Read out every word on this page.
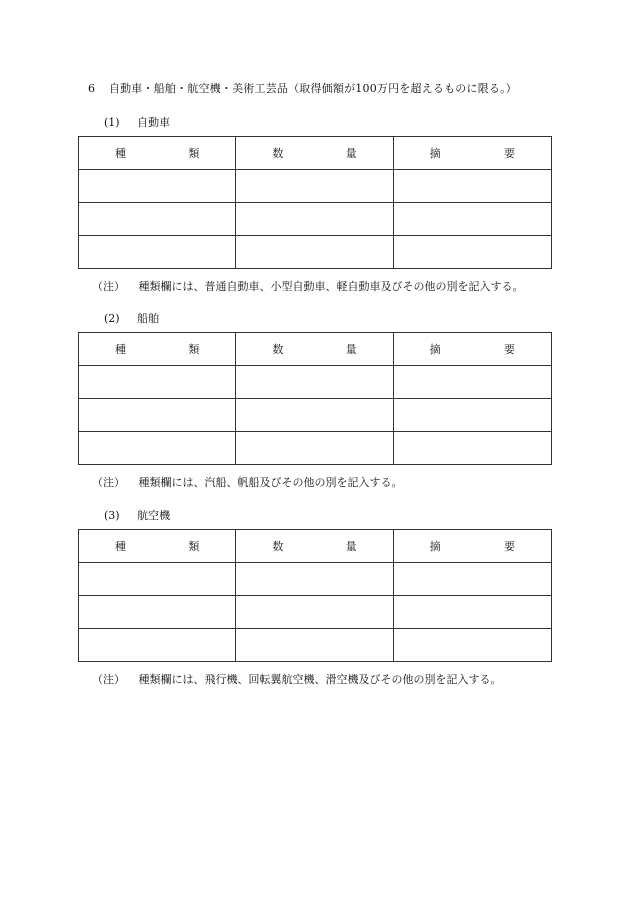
6 自動車・船舶・航空機・美術工芸品（取得価額が100万円を超えるものに限る。）
(1) 自動車
種 類	数 量	摘 要

（注） 種類欄には、普通自動車、小型自動車、軽自動車及びその他の別を記入する。
(2) 船舶
種 類	数 量	摘 要

（注） 種類欄には、汽船、帆船及びその他の別を記入する。
(3) 航空機
種 類	数 量	摘 要

（注） 種類欄には、飛行機、回転翼航空機、滑空機及びその他の別を記入する。
